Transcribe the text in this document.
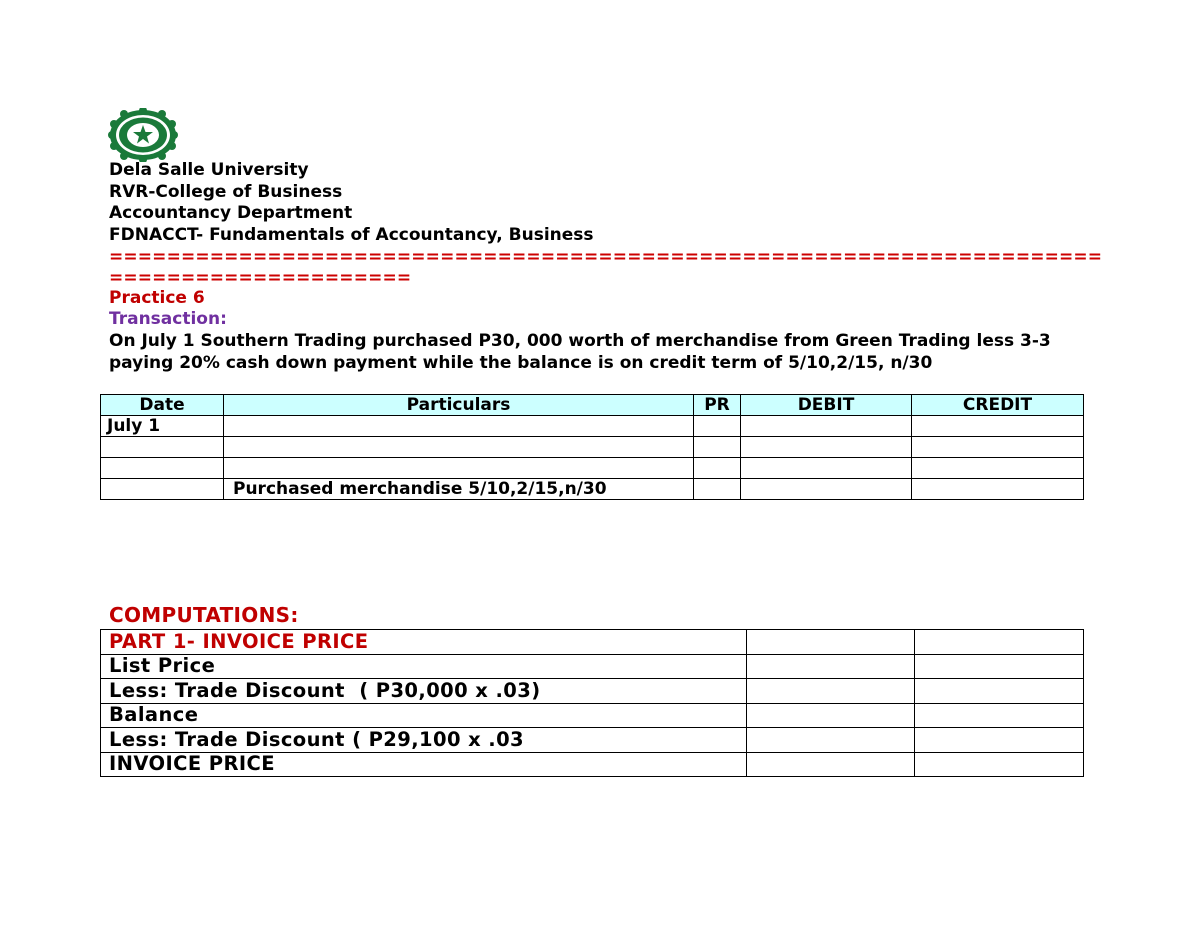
Dela Salle University
RVR-College of Business
Accountancy Department
FDNACCT- Fundamentals of Accountancy, Business
=====================================================================
=====================
Practice 6
Transaction:
On July 1 Southern Trading purchased P30, 000 worth of merchandise from Green Trading less 3-3 paying 20% cash down payment while the balance is on credit term of 5/10,2/15, n/30
Date	Particulars	PR	DEBIT	CREDIT
July 1				

	Purchased merchandise 5/10,2/15,n/30			
COMPUTATIONS:
PART 1- INVOICE PRICE		
List Price		
Less: Trade Discount  ( P30,000 x .03)		
Balance		
Less: Trade Discount ( P29,100 x .03		
INVOICE PRICE		
